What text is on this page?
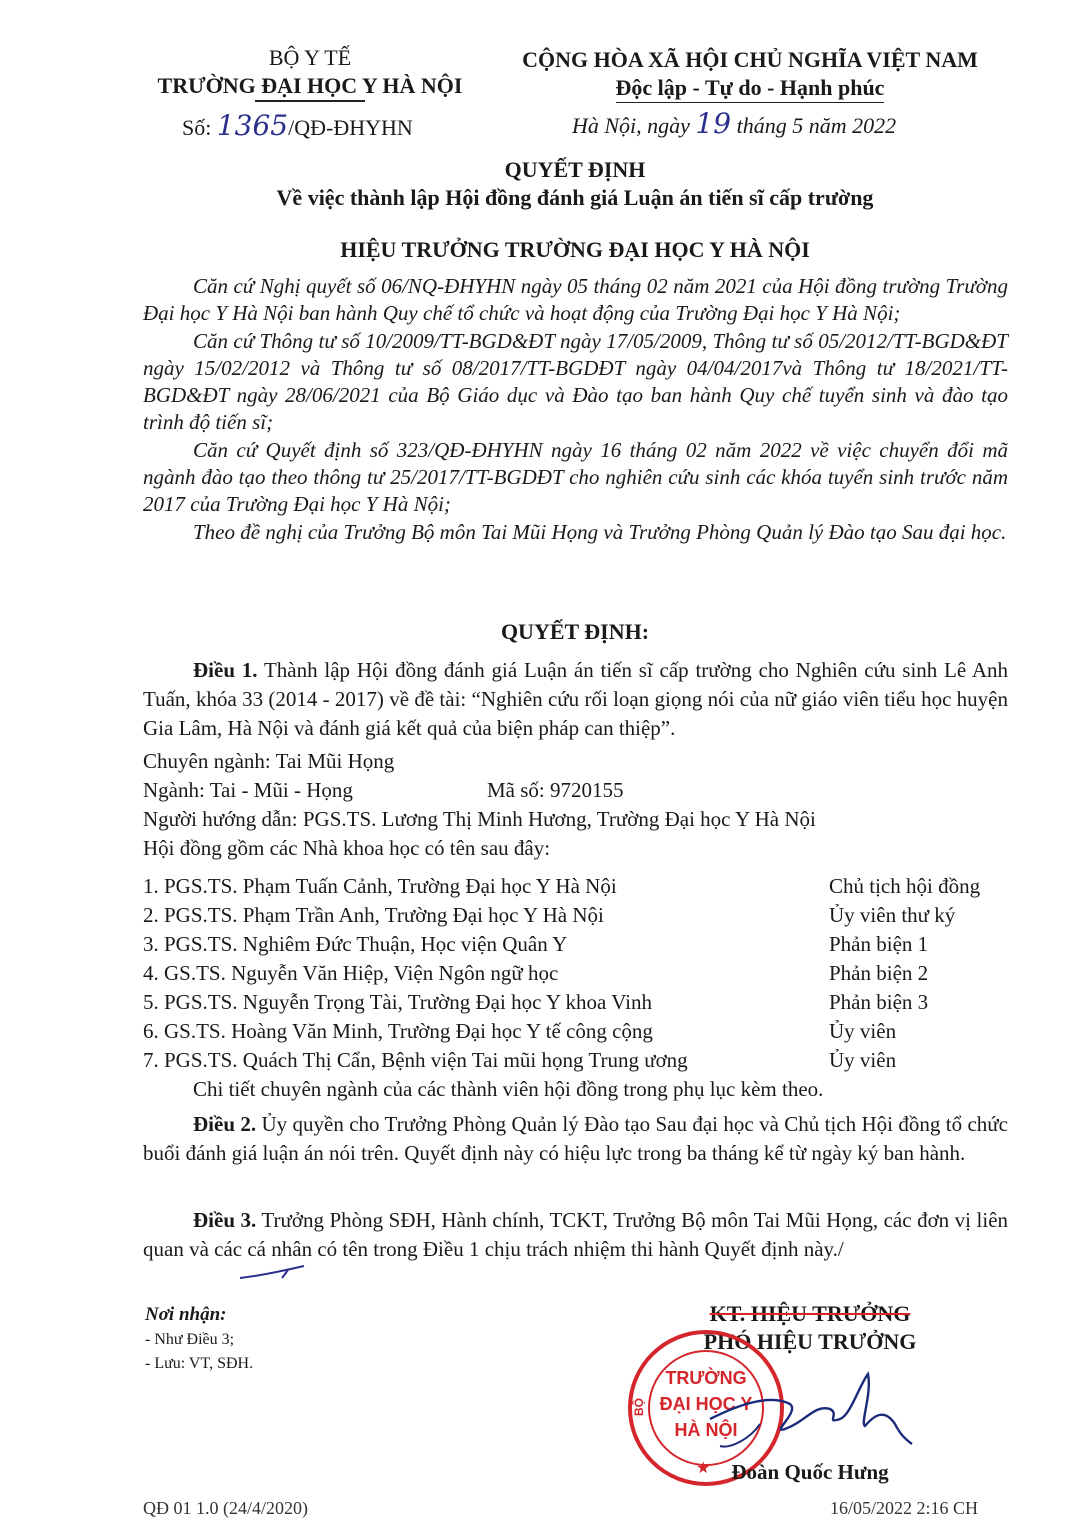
BỘ Y TẾ
TRƯỜNG ĐẠI HỌC Y HÀ NỘI
Số: 1365/QĐ-ĐHYHN
CỘNG HÒA XÃ HỘI CHỦ NGHĨA VIỆT NAM
Độc lập - Tự do - Hạnh phúc
Hà Nội, ngày 19 tháng 5 năm 2022
QUYẾT ĐỊNH
Về việc thành lập Hội đồng đánh giá Luận án tiến sĩ cấp trường
HIỆU TRƯỞNG TRƯỜNG ĐẠI HỌC Y HÀ NỘI
Căn cứ Nghị quyết số 06/NQ-ĐHYHN ngày 05 tháng 02 năm 2021 của Hội đồng trường Trường Đại học Y Hà Nội ban hành Quy chế tổ chức và hoạt động của Trường Đại học Y Hà Nội;
Căn cứ Thông tư số 10/2009/TT-BGD&ĐT ngày 17/05/2009, Thông tư số 05/2012/TT-BGD&ĐT ngày 15/02/2012 và Thông tư số 08/2017/TT-BGDĐT ngày 04/04/2017và Thông tư 18/2021/TT-BGD&ĐT ngày 28/06/2021 của Bộ Giáo dục và Đào tạo ban hành Quy chế tuyển sinh và đào tạo trình độ tiến sĩ;
Căn cứ Quyết định số 323/QĐ-ĐHYHN ngày 16 tháng 02 năm 2022 về việc chuyển đổi mã ngành đào tạo theo thông tư 25/2017/TT-BGDĐT cho nghiên cứu sinh các khóa tuyển sinh trước năm 2017 của Trường Đại học Y Hà Nội;
Theo đề nghị của Trưởng Bộ môn Tai Mũi Họng và Trưởng Phòng Quản lý Đào tạo Sau đại học.
QUYẾT ĐỊNH:
Điều 1. Thành lập Hội đồng đánh giá Luận án tiến sĩ cấp trường cho Nghiên cứu sinh Lê Anh Tuấn, khóa 33 (2014 - 2017) về đề tài: “Nghiên cứu rối loạn giọng nói của nữ giáo viên tiểu học huyện Gia Lâm, Hà Nội và đánh giá kết quả của biện pháp can thiệp”.
Chuyên ngành: Tai Mũi Họng
Ngành: Tai - Mũi - Họng	Mã số: 9720155
Người hướng dẫn: PGS.TS. Lương Thị Minh Hương, Trường Đại học Y Hà Nội
Hội đồng gồm các Nhà khoa học có tên sau đây:
1. PGS.TS. Phạm Tuấn Cảnh, Trường Đại học Y Hà Nội	Chủ tịch hội đồng
2. PGS.TS. Phạm Trần Anh, Trường Đại học Y Hà Nội	Ủy viên thư ký
3. PGS.TS. Nghiêm Đức Thuận, Học viện Quân Y	Phản biện 1
4. GS.TS. Nguyễn Văn Hiệp, Viện Ngôn ngữ học	Phản biện 2
5. PGS.TS. Nguyễn Trọng Tài, Trường Đại học Y khoa Vinh	Phản biện 3
6. GS.TS. Hoàng Văn Minh, Trường Đại học Y tế công cộng	Ủy viên
7. PGS.TS. Quách Thị Cẩn, Bệnh viện Tai mũi họng Trung ương	Ủy viên
Chi tiết chuyên ngành của các thành viên hội đồng trong phụ lục kèm theo.
Điều 2. Ủy quyền cho Trưởng Phòng Quản lý Đào tạo Sau đại học và Chủ tịch Hội đồng tổ chức buổi đánh giá luận án nói trên. Quyết định này có hiệu lực trong ba tháng kể từ ngày ký ban hành.
Điều 3. Trưởng Phòng SĐH, Hành chính, TCKT, Trưởng Bộ môn Tai Mũi Họng, các đơn vị liên quan và các cá nhân có tên trong Điều 1 chịu trách nhiệm thi hành Quyết định này./
Nơi nhận:
- Như Điều 3;
- Lưu: VT, SĐH.
KT. HIỆU TRƯỞNG
PHÓ HIỆU TRƯỞNG
TRƯỜNG
ĐẠI HỌC Y
HÀ NỘI
BỘ
★	Đoàn Quốc Hưng
QĐ 01 1.0 (24/4/2020)	16/05/2022 2:16 CH
